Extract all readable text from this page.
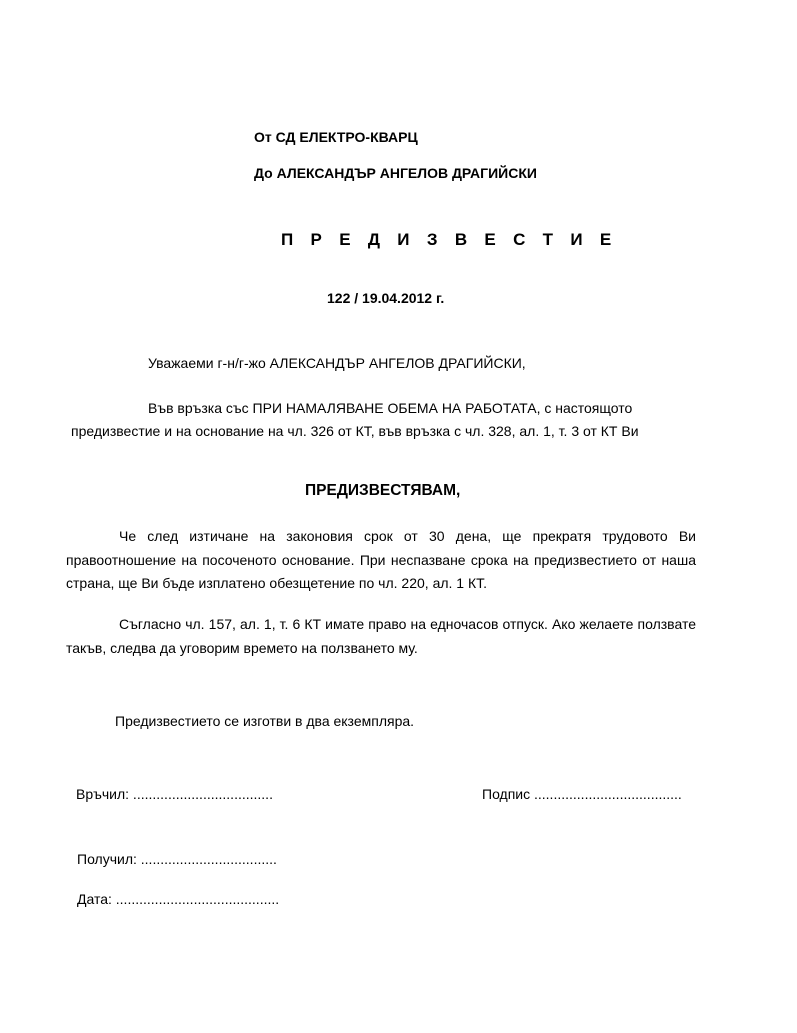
От СД ЕЛЕКТРО-КВАРЦ

До АЛЕКСАНДЪР АНГЕЛОВ ДРАГИЙСКИ

П Р Е Д И З В Е С Т И Е

122 / 19.04.2012 г.

Уважаеми г-н/г-жо АЛЕКСАНДЪР АНГЕЛОВ ДРАГИЙСКИ,

Във връзка със ПРИ НАМАЛЯВАНЕ ОБЕМА НА РАБОТАТА, с настоящото

предизвестие и на основание на чл. 326 от КТ, във връзка с чл. 328, ал. 1, т. 3 от КТ Ви

ПРЕДИЗВЕСТЯВАМ,

Че след изтичане на законовия срок от 30 дена, ще прекратя трудовото Ви правоотношение на посоченото основание. При неспазване срока на предизвестието от наша страна, ще Ви бъде изплатено обезщетение по чл. 220, ал. 1 КТ.

Съгласно чл. 157, ал. 1, т. 6 КТ имате право на едночасов отпуск. Ако желаете ползвате такъв, следва да уговорим времето на ползването му.

Предизвестието се изготви в два екземпляра.

Връчил: ....................................	Подпис ......................................

Получил: ...................................

Дата: ..........................................
